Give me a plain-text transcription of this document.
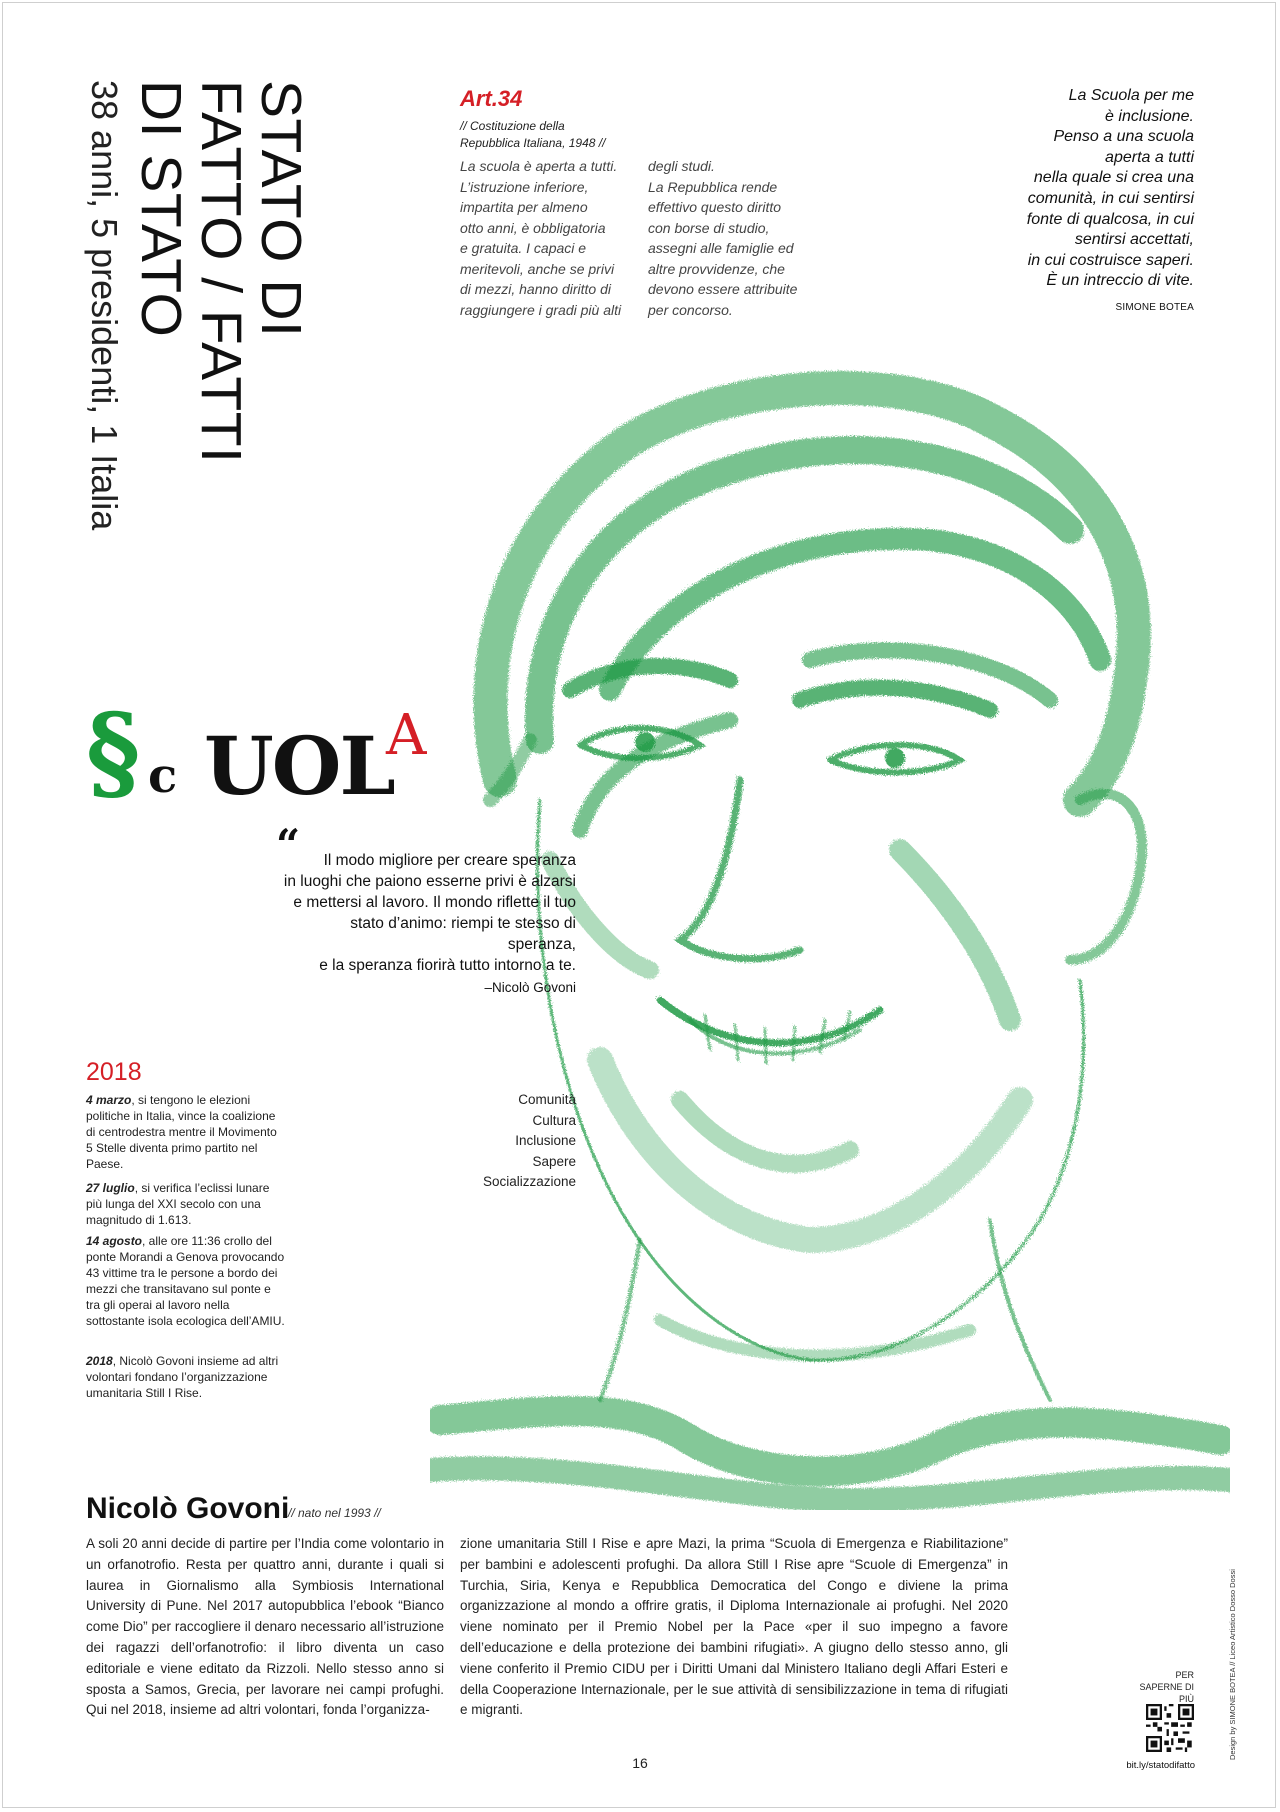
STATO DI
FATTO / FATTI
DI STATO
38 anni, 5 presidenti, 1 Italia	Art.34
// Costituzione della Repubblica Italiana, 1948 //
La scuola è aperta a tutti.
L’istruzione inferiore,
impartita per almeno
otto anni, è obbligatoria
e gratuita. I capaci e
meritevoli, anche se privi
di mezzi, hanno diritto di
raggiungere i gradi più alti
degli studi.
La Repubblica rende
effettivo questo diritto
con borse di studio,
assegni alle famiglie ed
altre provvidenze, che
devono essere attribuite
per concorso.
La Scuola per me
è inclusione.
Penso a una scuola
aperta a tutti
nella quale si crea una
comunità, in cui sentirsi
fonte di qualcosa, in cui
sentirsi accettati,
in cui costruisce saperi.
È un intreccio di vite.
SIMONE BOTEA
§ c UOL
A
“	Il modo migliore per creare speranza
in luoghi che paiono esserne privi è alzarsi
e mettersi al lavoro. Il mondo riflette il tuo
stato d’animo: riempi te stesso di speranza,
e la speranza fiorirà tutto intorno a te.
–Nicolò Govoni
Comunità
Cultura
Inclusione
Sapere
Socializzazione
2018
4 marzo, si tengono le elezioni politiche in Italia, vince la coalizione di centrodestra mentre il Movimento 5 Stelle diventa primo partito nel Paese.
27 luglio, si verifica l’eclissi lunare più lunga del XXI secolo con una magnitudo di 1.613.
14 agosto, alle ore 11:36 crollo del ponte Morandi a Genova provocando 43 vittime tra le persone a bordo dei mezzi che transitavano sul ponte e tra gli operai al lavoro nella sottostante isola ecologica dell’AMIU.
2018, Nicolò Govoni insieme ad altri volontari fondano l’organizzazione umanitaria Still I Rise.
Nicolò Govoni
// nato nel 1993 //
A soli 20 anni decide di partire per l’India come volontario in un orfanotrofio. Resta per quattro anni, durante i quali si laurea in Giornalismo alla Symbiosis International University di Pune. Nel 2017 autopubblica l’ebook “Bianco come Dio” per raccogliere il denaro necessario all’istruzione dei ragazzi dell’orfanotrofio: il libro diventa un caso editoriale e viene editato da Rizzoli. Nello stesso anno si sposta a Samos, Grecia, per lavorare nei campi profughi. Qui nel 2018, insieme ad altri volontari, fonda l’organizza-
zione umanitaria Still I Rise e apre Mazi, la prima “Scuola di Emergenza e Riabilitazione” per bambini e adolescenti profughi. Da allora Still I Rise apre “Scuole di Emergenza” in Turchia, Siria, Kenya e Repubblica Democratica del Congo e diviene la prima organizzazione al mondo a offrire gratis, il Diploma Internazionale ai profughi. Nel 2020 viene nominato per il Premio Nobel per la Pace «per il suo impegno a favore dell’educazione e della protezione dei bambini rifugiati». A giugno dello stesso anno, gli viene conferito il Premio CIDU per i Diritti Umani dal Ministero Italiano degli Affari Esteri e della Cooperazione Internazionale, per le sue attività di sensibilizzazione in tema di rifugiati e migranti.
PER SAPERNE DI PIÙ
bit.ly/statodifatto
Design by SIMONE BOTEA // Liceo Artistico Dosso Dossi
16
